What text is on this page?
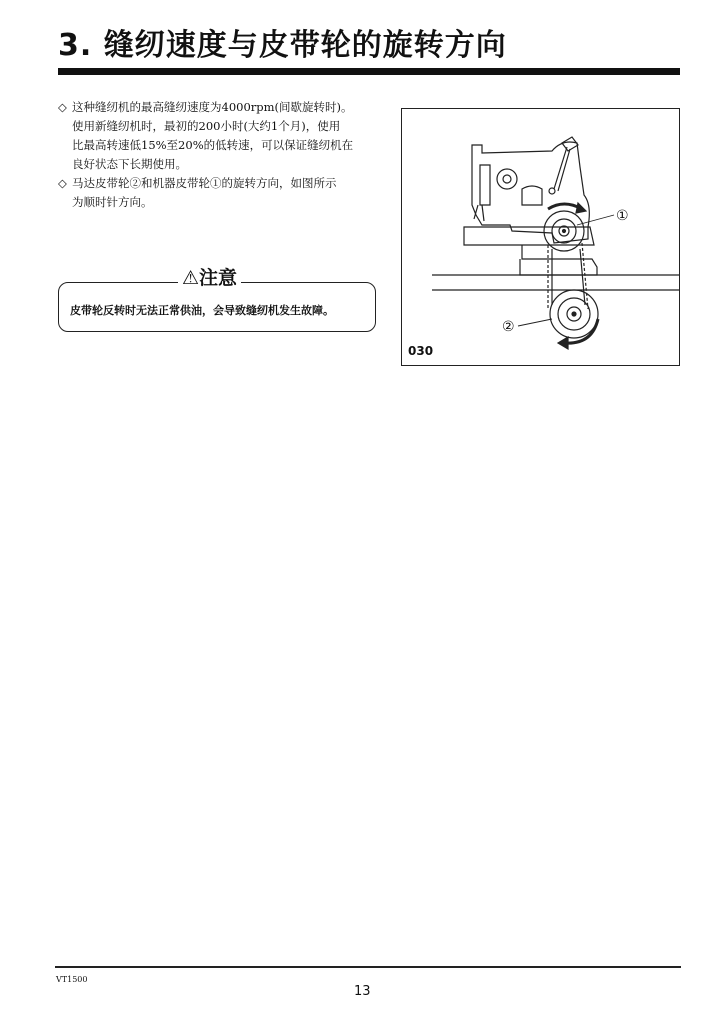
3. 缝纫速度与皮带轮的旋转方向

◇ 这种缝纫机的最高缝纫速度为4000rpm(间歇旋转时)。
使用新缝纫机时，最初的200小时(大约1个月)，使用
比最高转速低15%至20%的低转速，可以保证缝纫机在
良好状态下长期使用。

◇ 马达皮带轮②和机器皮带轮①的旋转方向，如图所示
为顺时针方向。

⚠注意
皮带轮反转时无法正常供油，会导致缝纫机发生故障。
①
②
030
VT1500
13
